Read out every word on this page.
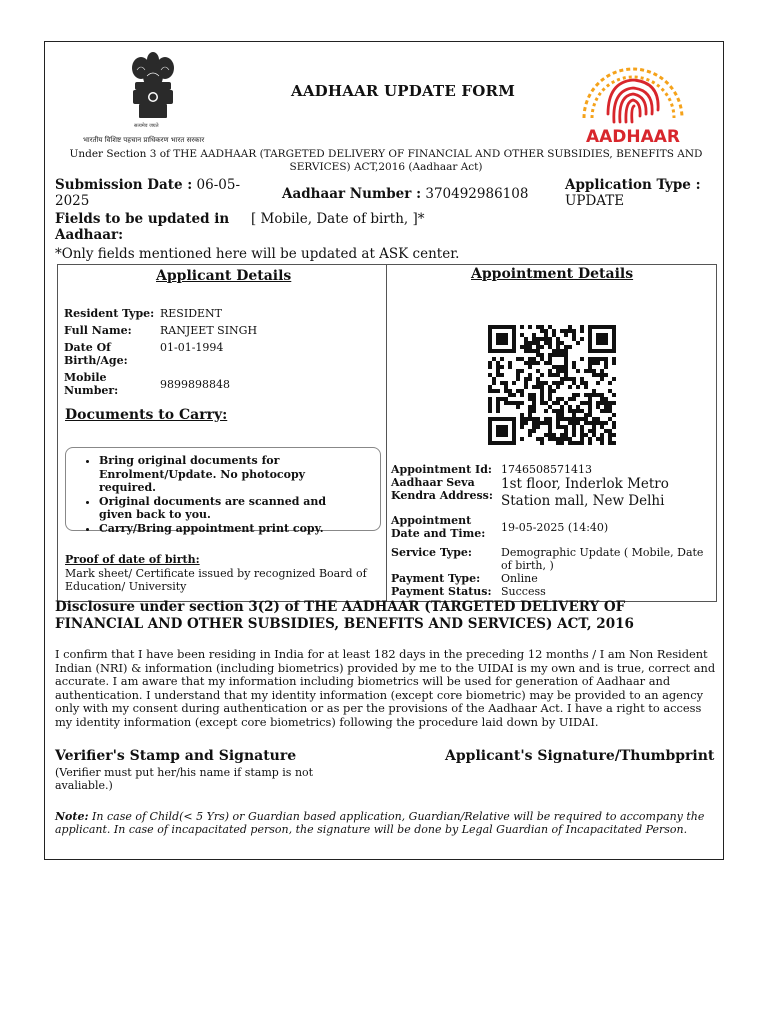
सत्यमेव जयते
भारतीय विशिष्ट पहचान प्राधिकरण भारत सरकार
AADHAAR UPDATE FORM
AADHAAR
Under Section 3 of THE AADHAAR (TARGETED DELIVERY OF FINANCIAL AND OTHER SUBSIDIES, BENEFITS AND SERVICES) ACT,2016 (Aadhaar Act)
Submission Date : 06-05-2025	Aadhaar Number : 370492986108
Application Type :
UPDATE
Fields to be updated in Aadhaar:
[ Mobile, Date of birth, ]*
*Only fields mentioned here will be updated at ASK center.
Applicant Details
Resident Type:	RESIDENT
Full Name:	RANJEET SINGH
Date Of Birth/Age:	01-01-1994
Mobile Number:	9899898848
Documents to Carry:
• Bring original documents for Enrolment/Update. No photocopy required.
• Original documents are scanned and given back to you.
• Carry/Bring appointment print copy.
Proof of date of birth:
Mark sheet/ Certificate issued by recognized Board of Education/ University
Appointment Details
Appointment Id:	1746508571413
Aadhaar Seva Kendra Address:	1st floor, Inderlok Metro Station mall, New Delhi
Appointment Date and Time:	19-05-2025 (14:40)
Service Type:	Demographic Update ( Mobile, Date of birth, )
Payment Type:	Online
Payment Status:	Success
Disclosure under section 3(2) of THE AADHAAR (TARGETED DELIVERY OF FINANCIAL AND OTHER SUBSIDIES, BENEFITS AND SERVICES) ACT, 2016
I confirm that I have been residing in India for at least 182 days in the preceding 12 months / I am Non Resident Indian (NRI) & information (including biometrics) provided by me to the UIDAI is my own and is true, correct and accurate. I am aware that my information including biometrics will be used for generation of Aadhaar and authentication. I understand that my identity information (except core biometric) may be provided to an agency only with my consent during authentication or as per the provisions of the Aadhaar Act. I have a right to access my identity information (except core biometrics) following the procedure laid down by UIDAI.
Verifier's Stamp and Signature
(Verifier must put her/his name if stamp is not avaliable.)
Applicant's Signature/Thumbprint
Note: In case of Child(< 5 Yrs) or Guardian based application, Guardian/Relative will be required to accompany the applicant. In case of incapacitated person, the signature will be done by Legal Guardian of Incapacitated Person.
